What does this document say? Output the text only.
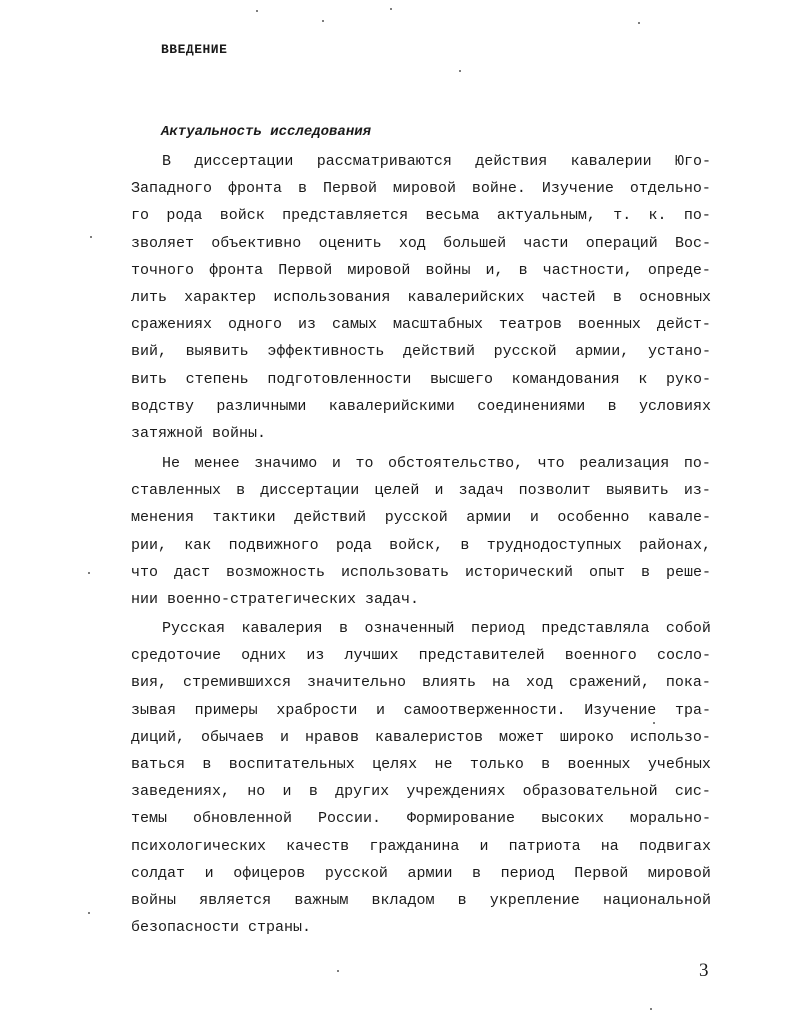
ВВЕДЕНИЕ
Актуальность исследования
В диссертации рассматриваются действия кавалерии Юго-
Западного фронта в Первой мировой войне. Изучение отдельно-
го рода войск представляется весьма актуальным, т. к. по-
зволяет объективно оценить ход большей части операций Вос-
точного фронта Первой мировой войны и, в частности, опреде-
лить характер использования кавалерийских частей в основных
сражениях одного из самых масштабных театров военных дейст-
вий, выявить эффективность действий русской армии, устано-
вить степень подготовленности высшего командования к руко-
водству различными кавалерийскими соединениями в условиях
затяжной войны.
Не менее значимо и то обстоятельство, что реализация по-
ставленных в диссертации целей и задач позволит выявить из-
менения тактики действий русской армии и особенно кавале-
рии, как подвижного рода войск, в труднодоступных районах,
что даст возможность использовать исторический опыт в реше-
нии военно-стратегических задач.
Русская кавалерия в означенный период представляла собой
средоточие одних из лучших представителей военного сосло-
вия, стремившихся значительно влиять на ход сражений, пока-
зывая примеры храбрости и самоотверженности. Изучение тра-
диций, обычаев и нравов кавалеристов может широко использо-
ваться в воспитательных целях не только в военных учебных
заведениях, но и в других учреждениях образовательной сис-
темы обновленной России. Формирование высоких морально-
психологических качеств гражданина и патриота на подвигах
солдат и офицеров русской армии в период Первой мировой
войны является важным вкладом в укрепление национальной
безопасности страны.
3
